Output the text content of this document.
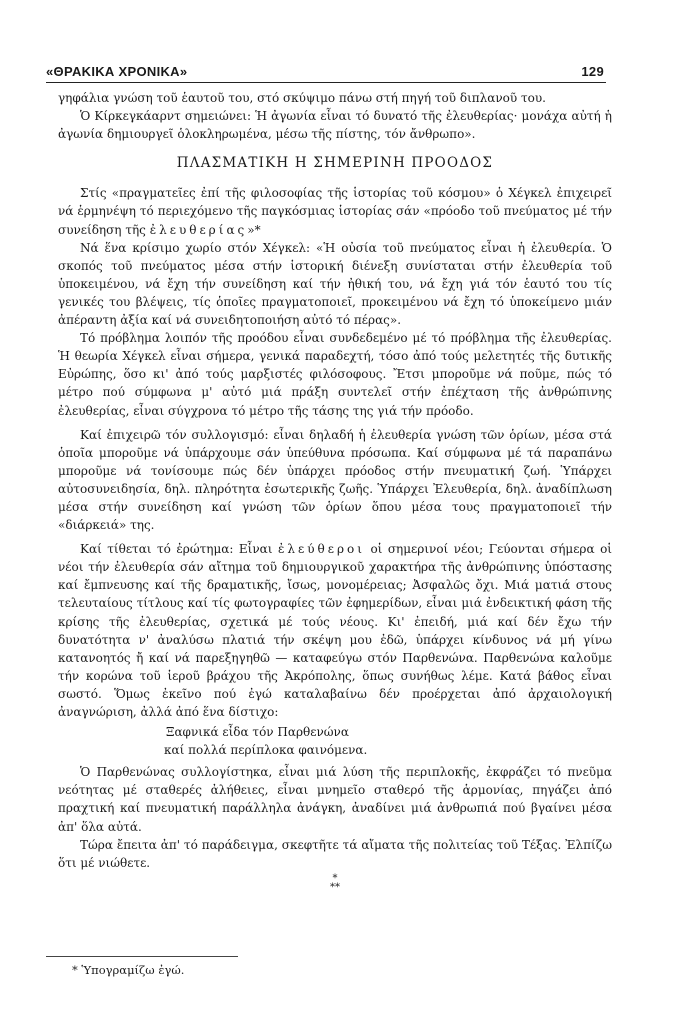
«ΘΡΑΚΙΚΑ ΧΡΟΝΙΚΑ»	129

γηφάλια γνώση τοῦ ἑαυτοῦ του, στό σκύψιμο πάνω στή πηγή τοῦ διπλανοῦ του.

Ὁ Κίρκεγκάαρντ σημειώνει: Ἡ ἀγωνία εἶναι τό δυνατό τῆς ἐλευθερίας· μονάχα αὐτή ἡ ἀγωνία δημιουργεῖ ὁλοκληρωμένα, μέσω τῆς πίστης, τόν ἄνθρωπο».

ΠΛΑΣΜΑΤΙΚΗ Η ΣΗΜΕΡΙΝΗ ΠΡΟΟΔΟΣ

Στίς «πραγματεῖες ἐπί τῆς φιλοσοφίας τῆς ἱστορίας τοῦ κόσμου» ὁ Χέγκελ ἐπιχειρεῖ νά ἑρμηνέψη τό περιεχόμενο τῆς παγκόσμιας ἱστορίας σάν «πρόοδο τοῦ πνεύματος μέ τήν συνείδηση τῆς ἐλευθερίας»*

Νά ἕνα κρίσιμο χωρίο στόν Χέγκελ: «Ἡ οὐσία τοῦ πνεύματος εἶναι ἡ ἐλευθερία. Ὁ σκοπός τοῦ πνεύματος μέσα στήν ἱστορική διένεξη συνίσταται στήν ἐλευθερία τοῦ ὑποκειμένου, νά ἔχη τήν συνείδηση καί τήν ἠθική του, νά ἔχη γιά τόν ἑαυτό του τίς γενικές του βλέψεις, τίς ὁποῖες πραγματοποιεῖ, προκειμένου νά ἔχη τό ὑποκείμενο μιάν ἀπέραντη ἀξία καί νά συνειδητοποιήση αὐτό τό πέρας».

Τό πρόβλημα λοιπόν τῆς προόδου εἶναι συνδεδεμένο μέ τό πρόβλημα τῆς ἐλευθερίας. Ἡ θεωρία Χέγκελ εἶναι σήμερα, γενικά παραδεχτή, τόσο ἀπό τούς μελετητές τῆς δυτικῆς Εὐρώπης, ὅσο κι' ἀπό τούς μαρξιστές φιλόσοφους. Ἔτσι μποροῦμε νά ποῦμε, πώς τό μέτρο πού σύμφωνα μ' αὐτό μιά πράξη συντελεῖ στήν ἐπέχταση τῆς ἀνθρώπινης ἐλευθερίας, εἶναι σύγχρονα τό μέτρο τῆς τάσης της γιά τήν πρόοδο.

Καί ἐπιχειρῶ τόν συλλογισμό: εἶναι δηλαδή ἡ ἐλευθερία γνώση τῶν ὁρίων, μέσα στά ὁποῖα μποροῦμε νά ὑπάρχουμε σάν ὑπεύθυνα πρόσωπα. Καί σύμφωνα μέ τά παραπάνω μποροῦμε νά τονίσουμε πώς δέν ὑπάρχει πρόοδος στήν πνευματική ζωή. Ὑπάρχει αὐτοσυνειδησία, δηλ. πληρότητα ἐσωτερικῆς ζωῆς. Ὑπάρχει Ἐλευθερία, δηλ. ἀναδίπλωση μέσα στήν συνείδηση καί γνώση τῶν ὁρίων ὅπου μέσα τους πραγματοποιεῖ τήν «διάρκειά» της.

Καί τίθεται τό ἐρώτημα: Εἶναι ἐλεύθεροι οἱ σημερινοί νέοι; Γεύονται σήμερα οἱ νέοι τήν ἐλευθερία σάν αἴτημα τοῦ δημιουργικοῦ χαρακτήρα τῆς ἀνθρώπινης ὑπόστασης καί ἔμπνευσης καί τῆς δραματικῆς, ἴσως, μονομέρειας; Ἀσφαλῶς ὄχι. Μιά ματιά στους τελευταίους τίτλους καί τίς φωτογραφίες τῶν ἐφημερίδων, εἶναι μιά ἐνδεικτική φάση τῆς κρίσης τῆς ἐλευθερίας, σχετικά μέ τούς νέους. Κι' ἐπειδή, μιά καί δέν ἔχω τήν δυνατότητα ν' ἀναλύσω πλατιά τήν σκέψη μου ἐδῶ, ὑπάρχει κίνδυνος νά μή γίνω κατανοητός ἤ καί νά παρεξηγηθῶ — καταφεύγω στόν Παρθενώνα. Παρθενώνα καλοῦμε τήν κορώνα τοῦ ἱεροῦ βράχου τῆς Ἀκρόπολης, ὅπως συνήθως λέμε. Κατά βάθος εἶναι σωστό. Ὅμως ἐκεῖνο πού ἐγώ καταλαβαίνω δέν προέρχεται ἀπό ἀρχαιολογική ἀναγνώριση, ἀλλά ἀπό ἕνα δίστιχο:

Ξαφνικά εἶδα τόν Παρθενώνα
καί πολλά περίπλοκα φαινόμενα.

Ὁ Παρθενώνας συλλογίστηκα, εἶναι μιά λύση τῆς περιπλοκῆς, ἐκφράζει τό πνεῦμα νεότητας μέ σταθερές ἀλήθειες, εἶναι μνημεῖο σταθερό τῆς ἁρμονίας, πηγάζει ἀπό πραχτική καί πνευματική παράλληλα ἀνάγκη, ἀναδίνει μιά ἀνθρωπιά πού βγαίνει μέσα ἀπ' ὅλα αὐτά.

Τώρα ἔπειτα ἀπ' τό παράδειγμα, σκεφτῆτε τά αἴματα τῆς πολιτείας τοῦ Τέξας. Ἐλπίζω ὅτι μέ νιώθετε.

*
**
* Ὑπογραμίζω ἐγώ.
